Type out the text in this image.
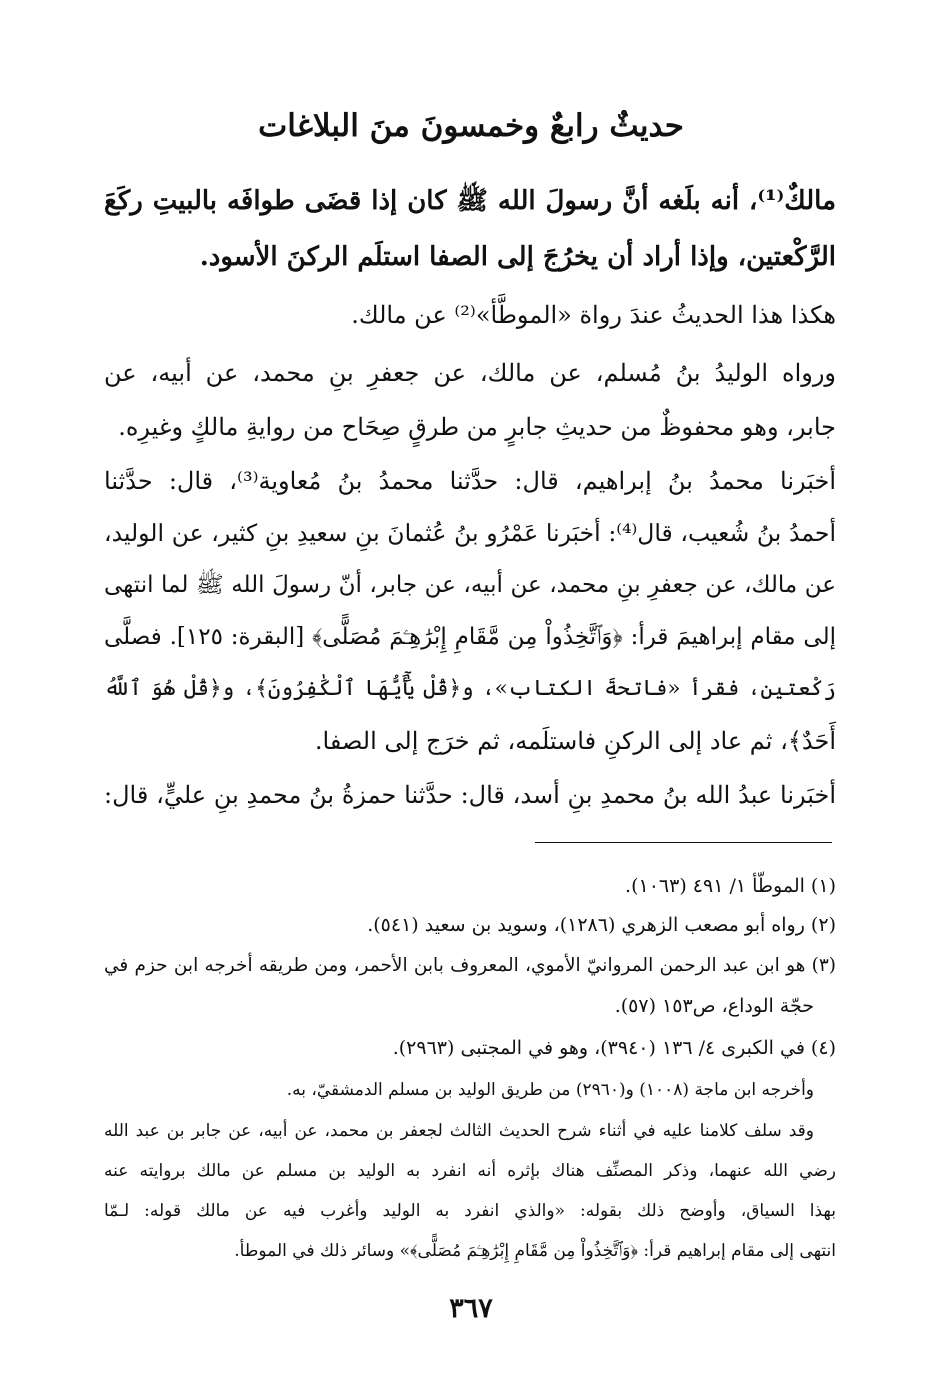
حديثٌ رابعٌ وخمسونَ منَ البلاغات
مالكٌ⁽¹⁾، أنه بلَغه أنَّ رسولَ الله ﷺ كان إذا قضَى طوافَه بالبيتِ ركَعَ
الرَّكْعتين، وإذا أراد أن يخرُجَ إلى الصفا استلَم الركنَ الأسود.
هكذا هذا الحديثُ عندَ رواة «الموطَّأ»⁽²⁾ عن مالك.
ورواه الوليدُ بنُ مُسلم، عن مالك، عن جعفرِ بنِ محمد، عن أبيه، عن
جابر، وهو محفوظٌ من حديثِ جابرٍ من طرقٍ صِحَاح من روايةِ مالكٍ وغيرِه.
أخبَرنا محمدُ بنُ إبراهيم، قال: حدَّثنا محمدُ بنُ مُعاوية⁽³⁾، قال: حدَّثنا
أحمدُ بنُ شُعيب، قال⁽⁴⁾: أخبَرنا عَمْرُو بنُ عُثمانَ بنِ سعيدِ بنِ كثير، عن الوليد،
عن مالك، عن جعفرِ بنِ محمد، عن أبيه، عن جابر، أنّ رسولَ الله ﷺ لما انتهى
إلى مقام إبراهيمَ قرأ: ﴿وَٱتَّخِذُواْ مِن مَّقَامِ إِبْرَٰهِـۧمَ مُصَلًّى﴾ [البقرة: ١٢٥]. فصلَّى
رَكْعتين، فقرأ «فاتحةَ الكتاب»، و﴿قُلْ يَٰٓأَيُّهَا ٱلْكَٰفِرُونَ﴾، و﴿قُلْ هُوَ ٱللَّهُ
أَحَدٌ﴾، ثم عاد إلى الركنِ فاستلَمه، ثم خرَج إلى الصفا.
أخبَرنا عبدُ الله بنُ محمدِ بنِ أسد، قال: حدَّثنا حمزةُ بنُ محمدِ بنِ عليٍّ، قال:
(١) الموطّأ ١/ ٤٩١ (١٠٦٣).
(٢) رواه أبو مصعب الزهري (١٢٨٦)، وسويد بن سعيد (٥٤١).
(٣) هو ابن عبد الرحمن المروانيّ الأموي، المعروف بابن الأحمر، ومن طريقه أخرجه ابن حزم في
حجّة الوداع، ص١٥٣ (٥٧).
(٤) في الكبرى ٤/ ١٣٦ (٣٩٤٠)، وهو في المجتبى (٢٩٦٣).
وأخرجه ابن ماجة (١٠٠٨) و(٢٩٦٠) من طريق الوليد بن مسلم الدمشقيّ، به.
وقد سلف كلامنا عليه في أثناء شرح الحديث الثالث لجعفر بن محمد، عن أبيه، عن جابر بن عبد الله
رضي الله عنهما، وذكر المصنِّف هناك بإثره أنه انفرد به الوليد بن مسلم عن مالك بروايته عنه
بهذا السياق، وأوضح ذلك بقوله: «والذي انفرد به الوليد وأغرب فيه عن مالك قوله: لـمّا
انتهى إلى مقام إبراهيم قرأ: ﴿وَٱتَّخِذُواْ مِن مَّقَامِ إِبْرَٰهِـۧمَ مُصَلًّى﴾» وسائر ذلك في الموطأ.
٣٦٧
